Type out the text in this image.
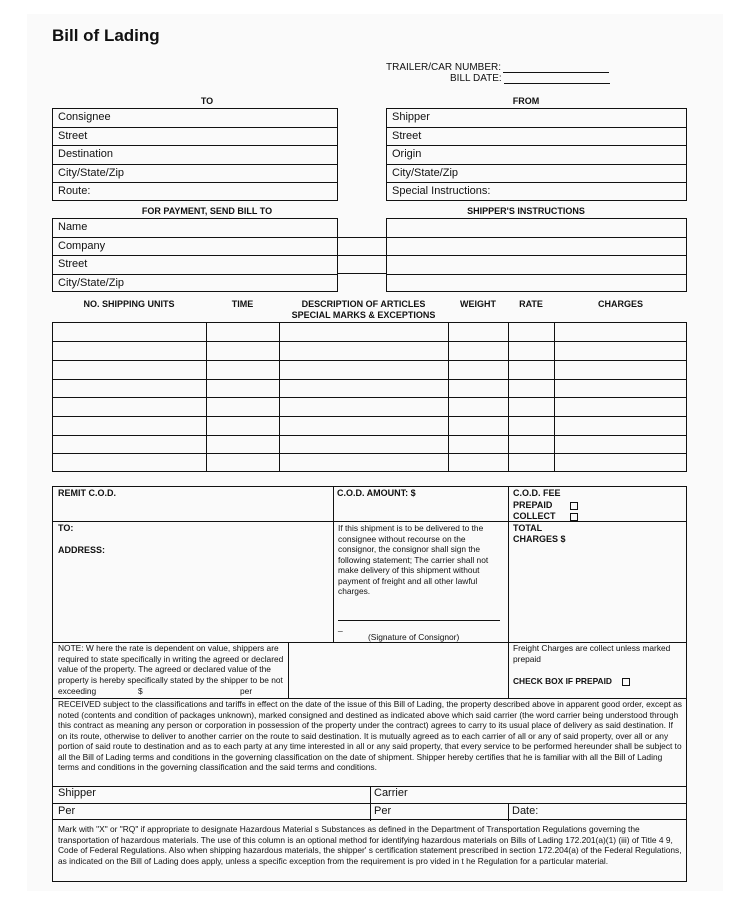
Bill of Lading
TRAILER/CAR NUMBER:
BILL DATE:
TO	FROM
Consignee
Street
Destination
City/State/Zip
Route:
Shipper
Street
Origin
City/State/Zip
Special Instructions:
FOR PAYMENT, SEND BILL TO	SHIPPER'S INSTRUCTIONS
Name
Company
Street
City/State/Zip
NO. SHIPPING UNITS	TIME	DESCRIPTION OF ARTICLES
SPECIAL MARKS & EXCEPTIONS
WEIGHT	RATE	CHARGES
REMIT C.O.D.	C.O.D. AMOUNT: $	C.O.D. FEE
PREPAID
COLLECT
TO:
ADDRESS:
If this shipment is to be delivered to the consignee without recourse on the consignor, the consignor shall sign the following statement; The carrier shall not make delivery of this shipment without payment of freight and all other lawful charges.
_
(Signature of Consignor)
TOTAL
CHARGES $
NOTE: W here the rate is dependent on value, shippers are required to state specifically in writing the agreed or declared value of the property. The agreed or declared value of the property is hereby specifically stated by the shipper to be not
exceeding	$	per
Freight Charges are collect unless marked prepaid
CHECK BOX IF PREPAID
RECEIVED subject to the classifications and tariffs in effect on the date of the issue of this Bill of Lading, the property described above in apparent good order, except as noted (contents and condition of packages unknown), marked consigned and destined as indicated above which said carrier (the word carrier being understood through this contract as meaning any person or corporation in possession of the property under the contract) agrees to carry to its usual place of delivery as said destination. If on its route, otherwise to deliver to another carrier on the route to said destination. It is mutually agreed as to each carrier of all or any of said property, over all or any portion of said route to destination and as to each party at any time interested in all or any said property, that every service to be performed hereunder shall be subject to all the Bill of Lading terms and conditions in the governing classification on the date of shipment. Shipper hereby certifies that he is familiar with all the Bill of Lading terms and conditions in the governing classification and the said terms and conditions.
Shipper	Carrier
Per	Per	Date:
Mark with "X" or "RQ" if appropriate to designate Hazardous Material s Substances as defined in the Department of Transportation Regulations governing the transportation of hazardous materials. The use of this column is an optional method for identifying hazardous materials on Bills of Lading 172.201(a)(1) (iii) of Title 4 9, Code of Federal Regulations. Also when shipping hazardous materials, the shipper' s certification statement prescribed in section 172.204(a) of the Federal Regulations, as indicated on the Bill of Lading does apply, unless a specific exception from the requirement is pro vided in t he Regulation for a particular material.
